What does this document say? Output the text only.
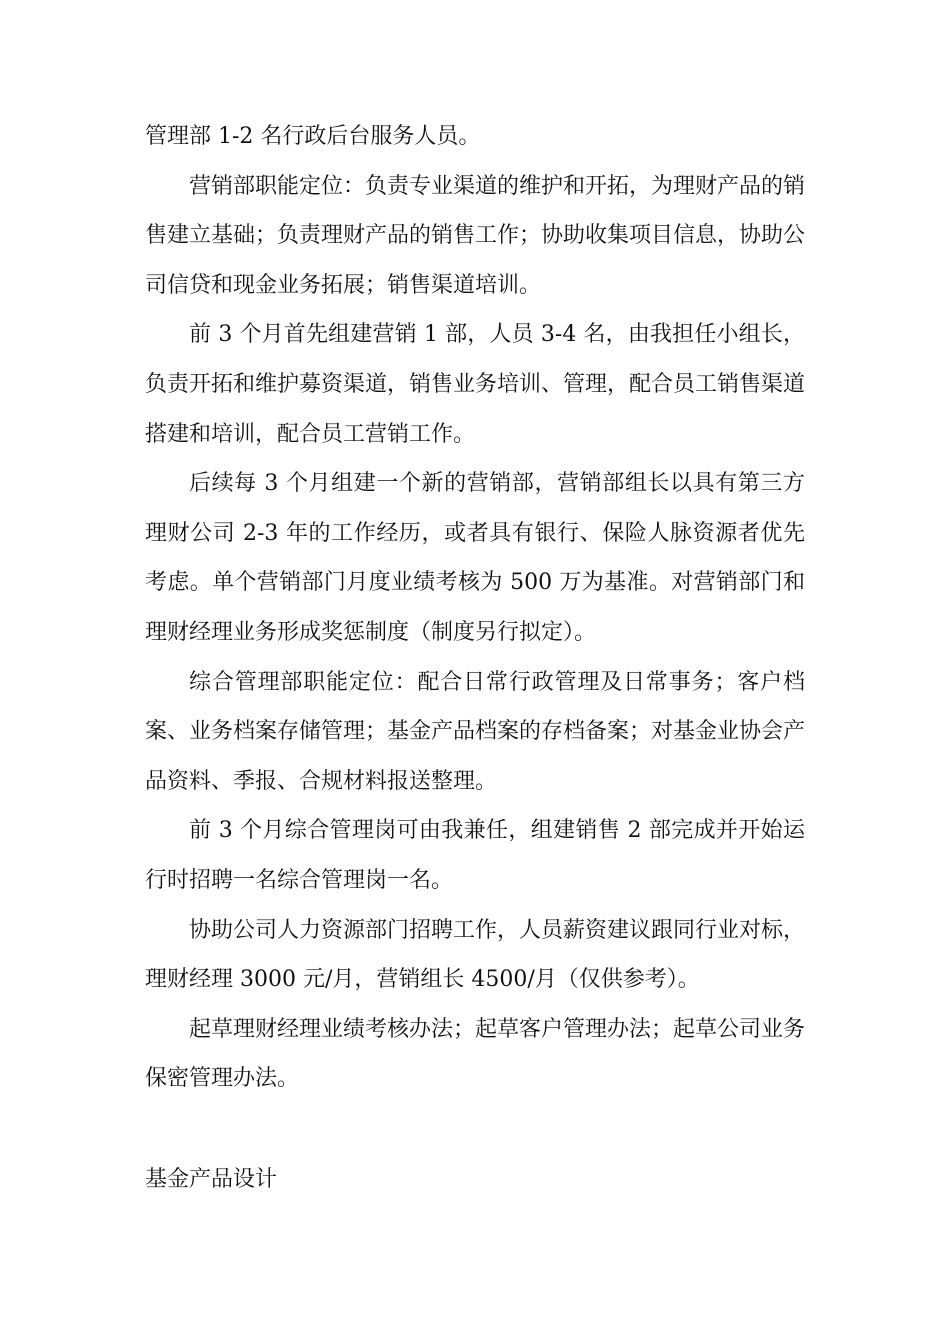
管理部 1-2 名行政后台服务人员。

营销部职能定位：负责专业渠道的维护和开拓，为理财产品的销售建立基础；负责理财产品的销售工作；协助收集项目信息，协助公司信贷和现金业务拓展；销售渠道培训。

前 3 个月首先组建营销 1 部，人员 3-4 名，由我担任小组长，负责开拓和维护募资渠道，销售业务培训、管理，配合员工销售渠道搭建和培训，配合员工营销工作。

后续每 3 个月组建一个新的营销部，营销部组长以具有第三方理财公司 2-3 年的工作经历，或者具有银行、保险人脉资源者优先考虑。单个营销部门月度业绩考核为 500 万为基准。对营销部门和理财经理业务形成奖惩制度（制度另行拟定）。

综合管理部职能定位：配合日常行政管理及日常事务；客户档案、业务档案存储管理；基金产品档案的存档备案；对基金业协会产品资料、季报、合规材料报送整理。

前 3 个月综合管理岗可由我兼任，组建销售 2 部完成并开始运行时招聘一名综合管理岗一名。

协助公司人力资源部门招聘工作，人员薪资建议跟同行业对标，理财经理 3000 元/月，营销组长 4500/月（仅供参考）。

起草理财经理业绩考核办法；起草客户管理办法；起草公司业务保密管理办法。

基金产品设计
